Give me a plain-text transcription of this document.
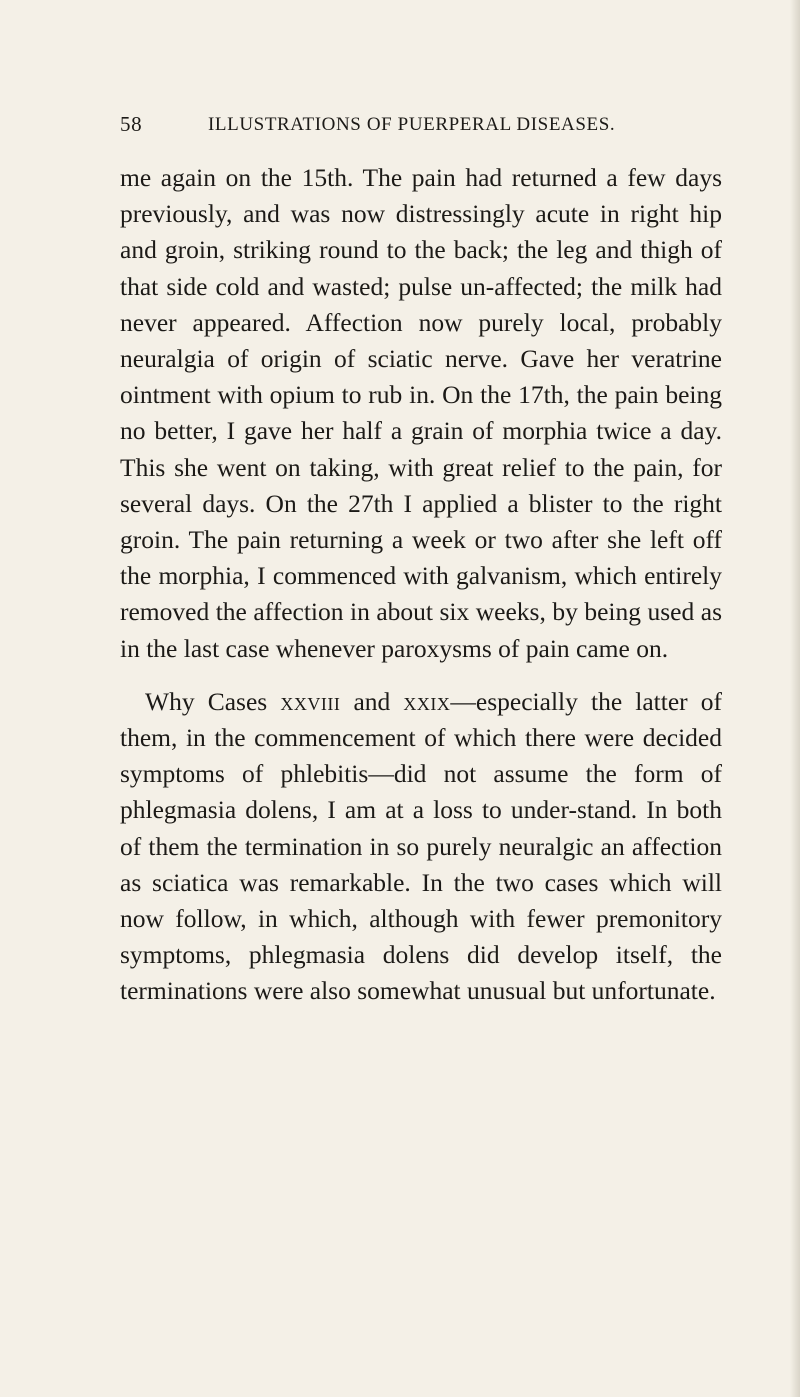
58	ILLUSTRATIONS OF PUERPERAL DISEASES.

me again on the 15th. The pain had returned a few days previously, and was now distressingly acute in right hip and groin, striking round to the back; the leg and thigh of that side cold and wasted; pulse un-affected; the milk had never appeared. Affection now purely local, probably neuralgia of origin of sciatic nerve. Gave her veratrine ointment with opium to rub in. On the 17th, the pain being no better, I gave her half a grain of morphia twice a day. This she went on taking, with great relief to the pain, for several days. On the 27th I applied a blister to the right groin. The pain returning a week or two after she left off the morphia, I commenced with galvanism, which entirely removed the affection in about six weeks, by being used as in the last case whenever paroxysms of pain came on.

Why Cases xxviii and xxix—especially the latter of them, in the commencement of which there were decided symptoms of phlebitis—did not assume the form of phlegmasia dolens, I am at a loss to under-stand. In both of them the termination in so purely neuralgic an affection as sciatica was remarkable. In the two cases which will now follow, in which, although with fewer premonitory symptoms, phlegmasia dolens did develop itself, the terminations were also somewhat unusual but unfortunate.
